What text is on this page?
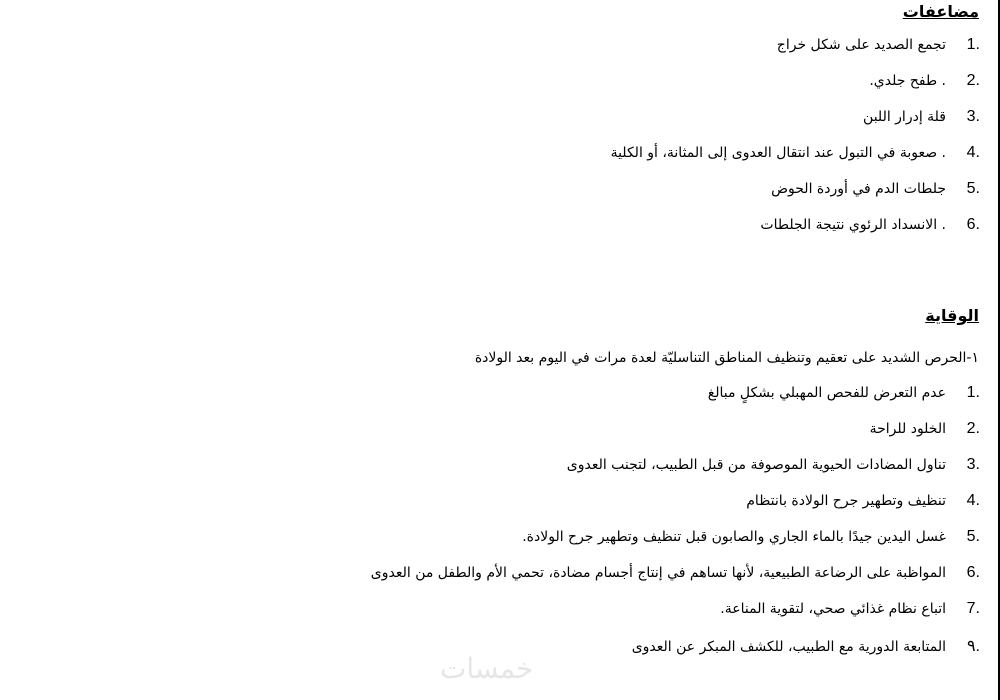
مضاعفات
1.
تجمع الصديد على شكل خراج
2.
. طفح جلدي.
3.
قلة إدرار اللبن
4.
. صعوبة في التبول عند انتقال العدوى إلى المثانة، أو الكلية
5.
جلطات الدم في أوردة الحوض
6.
. الانسداد الرئوي نتيجة الجلطات
الوقاية

١-الحرص الشديد على تعقيم وتنظيف المناطق التناسليّة لعدة مرات في اليوم بعد الولادة

1.
عدم التعرض للفحص المهبلي بشكلٍ مبالغ
2.
الخلود للراحة
3.
تناول المضادات الحيوية الموصوفة من قبل الطبيب، لتجنب العدوى
4.
تنظيف وتطهير جرح الولادة بانتظام
5.
غسل اليدين جيدًا بالماء الجاري والصابون قبل تنظيف وتطهير جرح الولادة.
6.
المواظبة على الرضاعة الطبيعية، لأنها تساهم في إنتاج أجسام مضادة، تحمي الأم والطفل من العدوى
7.
اتباع نظام غذائي صحي، لتقوية المناعة.
٩.
المتابعة الدورية مع الطبيب، للكشف المبكر عن العدوى
خمسات
